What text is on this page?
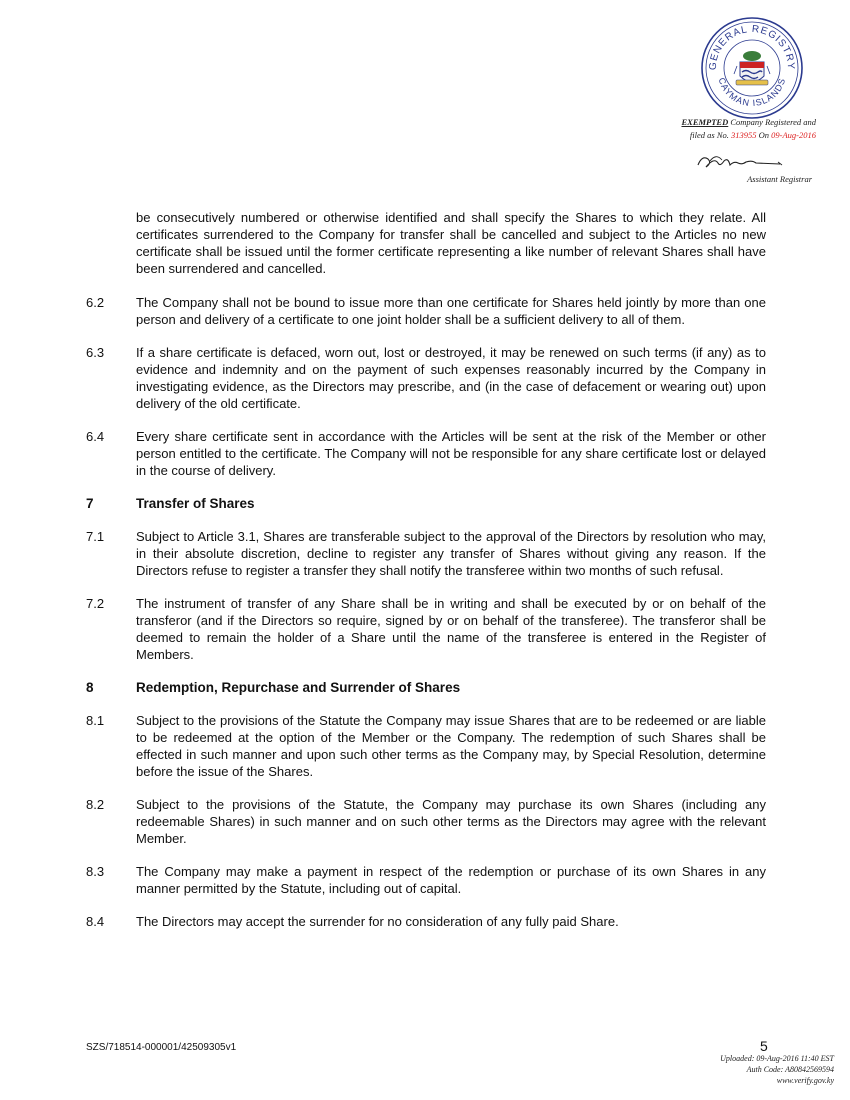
GENERAL REGISTRY
CAYMAN ISLANDS
EXEMPTED Company Registered and
filed as No. 313955 On 09-Aug-2016
Assistant Registrar

be consecutively numbered or otherwise identified and shall specify the Shares to which they relate. All certificates surrendered to the Company for transfer shall be cancelled and subject to the Articles no new certificate shall be issued until the former certificate representing a like number of relevant Shares shall have been surrendered and cancelled.

6.2 The Company shall not be bound to issue more than one certificate for Shares held jointly by more than one person and delivery of a certificate to one joint holder shall be a sufficient delivery to all of them.

6.3 If a share certificate is defaced, worn out, lost or destroyed, it may be renewed on such terms (if any) as to evidence and indemnity and on the payment of such expenses reasonably incurred by the Company in investigating evidence, as the Directors may prescribe, and (in the case of defacement or wearing out) upon delivery of the old certificate.

6.4 Every share certificate sent in accordance with the Articles will be sent at the risk of the Member or other person entitled to the certificate. The Company will not be responsible for any share certificate lost or delayed in the course of delivery.

7	Transfer of Shares

7.1 Subject to Article 3.1, Shares are transferable subject to the approval of the Directors by resolution who may, in their absolute discretion, decline to register any transfer of Shares without giving any reason. If the Directors refuse to register a transfer they shall notify the transferee within two months of such refusal.

7.2 The instrument of transfer of any Share shall be in writing and shall be executed by or on behalf of the transferor (and if the Directors so require, signed by or on behalf of the transferee). The transferor shall be deemed to remain the holder of a Share until the name of the transferee is entered in the Register of Members.

8	Redemption, Repurchase and Surrender of Shares

8.1 Subject to the provisions of the Statute the Company may issue Shares that are to be redeemed or are liable to be redeemed at the option of the Member or the Company. The redemption of such Shares shall be effected in such manner and upon such other terms as the Company may, by Special Resolution, determine before the issue of the Shares.

8.2 Subject to the provisions of the Statute, the Company may purchase its own Shares (including any redeemable Shares) in such manner and on such other terms as the Directors may agree with the relevant Member.

8.3 The Company may make a payment in respect of the redemption or purchase of its own Shares in any manner permitted by the Statute, including out of capital.

8.4 The Directors may accept the surrender for no consideration of any fully paid Share.

SZS/718514-000001/42509305v1	5
Uploaded: 09-Aug-2016 11:40 EST
Auth Code: A80842569594
www.verify.gov.ky
